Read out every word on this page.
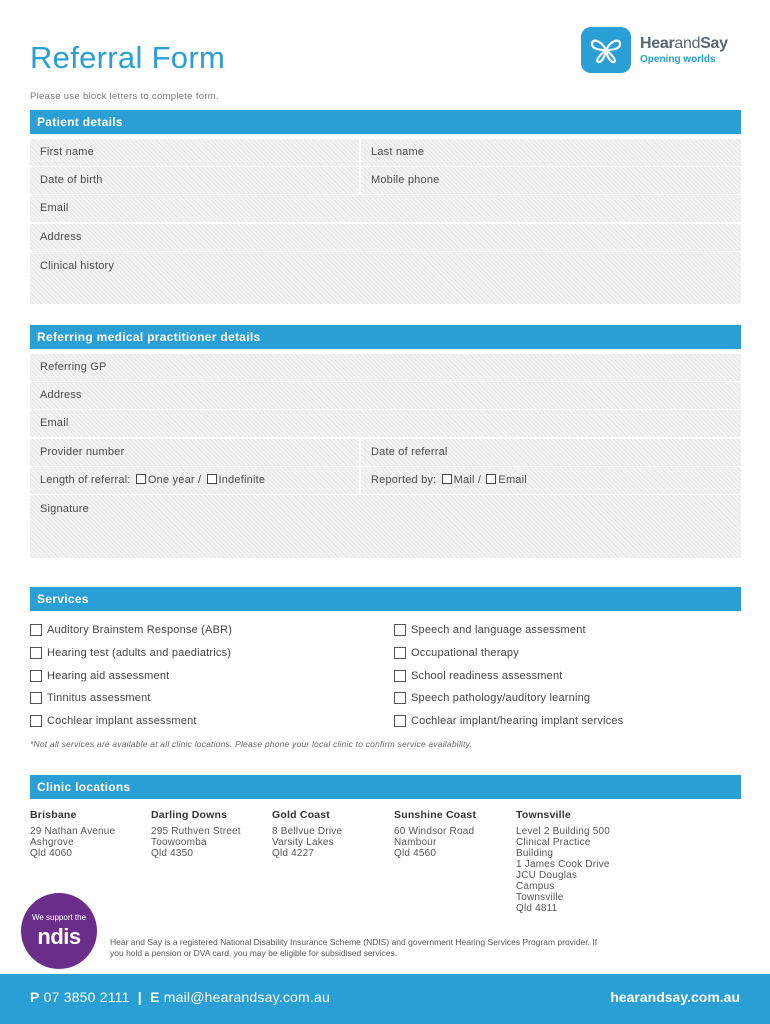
Referral Form
Please use block letters to complete form.
HearandSay
Opening worlds
Patient details
First name	Last name
Date of birth	Mobile phone
Email
Address
Clinical history
Referring medical practitioner details
Referring GP
Address
Email
Provider number	Date of referral
Length of referral: One year / Indefinite	Reported by: Mail / Email
Signature
Services
Auditory Brainstem Response (ABR)
Hearing test (adults and paediatrics)
Hearing aid assessment
Tinnitus assessment
Cochlear implant assessment
Speech and language assessment
Occupational therapy
School readiness assessment
Speech pathology/auditory learning
Cochlear implant/hearing implant services
*Not all services are available at all clinic locations. Please phone your local clinic to confirm service availability.
Clinic locations
Brisbane
29 Nathan Avenue
Ashgrove
Qld 4060
Darling Downs
295 Ruthven Street
Toowoomba
Qld 4350
Gold Coast
8 Bellvue Drive
Varsity Lakes
Qld 4227
Sunshine Coast
60 Windsor Road
Nambour
Qld 4560
Townsville
Level 2 Building 500
Clinical Practice
Building
1 James Cook Drive
JCU Douglas
Campus
Townsville
Qld 4811
We support the
ndis	Hear and Say is a registered National Disability Insurance Scheme (NDIS) and government Hearing Services Program provider. If you hold a pension or DVA card, you may be eligible for subsidised services.
P 07 3850 2111 | E mail@hearandsay.com.au	hearandsay.com.au
